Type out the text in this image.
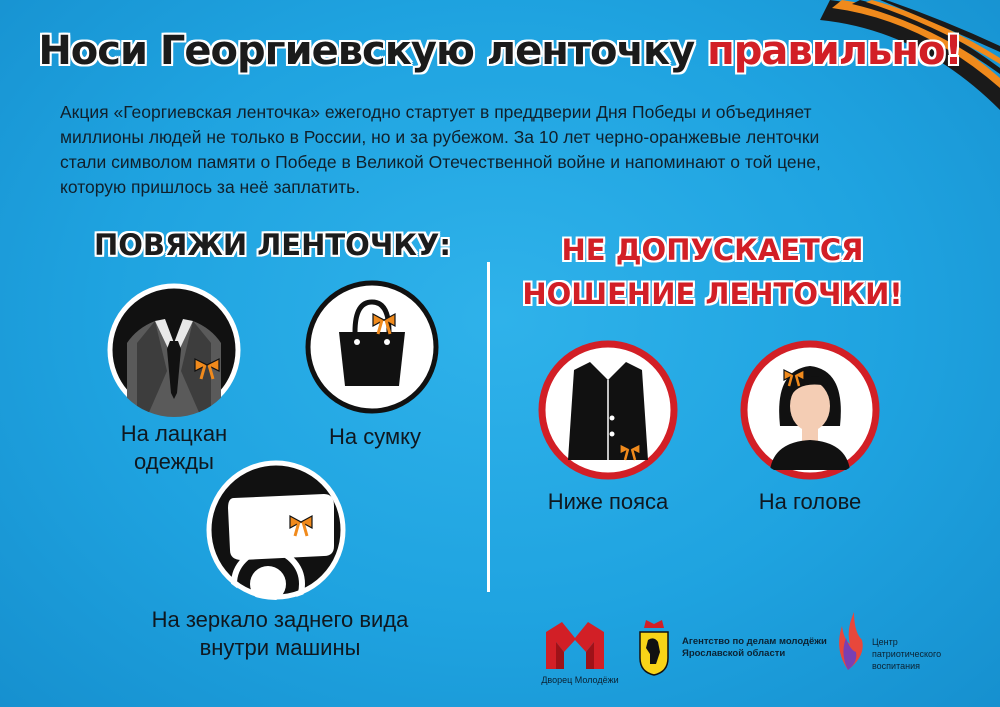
Носи Георгиевскую ленточку правильно!
Акция «Георгиевская ленточка» ежегодно стартует в преддверии Дня Победы и объединяет
миллионы людей не только в России, но и за рубежом. За 10 лет черно-оранжевые ленточки
стали символом памяти о Победе в Великой Отечественной войне и напоминают о той цене,
которую пришлось за неё заплатить.
ПОВЯЖИ ЛЕНТОЧКУ:	НЕ ДОПУСКАЕТСЯ
НОШЕНИЕ ЛЕНТОЧКИ!
На лацкан
одежды
На сумку
На зеркало заднего вида
внутри машины
Ниже пояса	На голове
Дворец Молодёжи
Агентство по делам молодёжи
Ярославской области
Центр
патриотического
воспитания
